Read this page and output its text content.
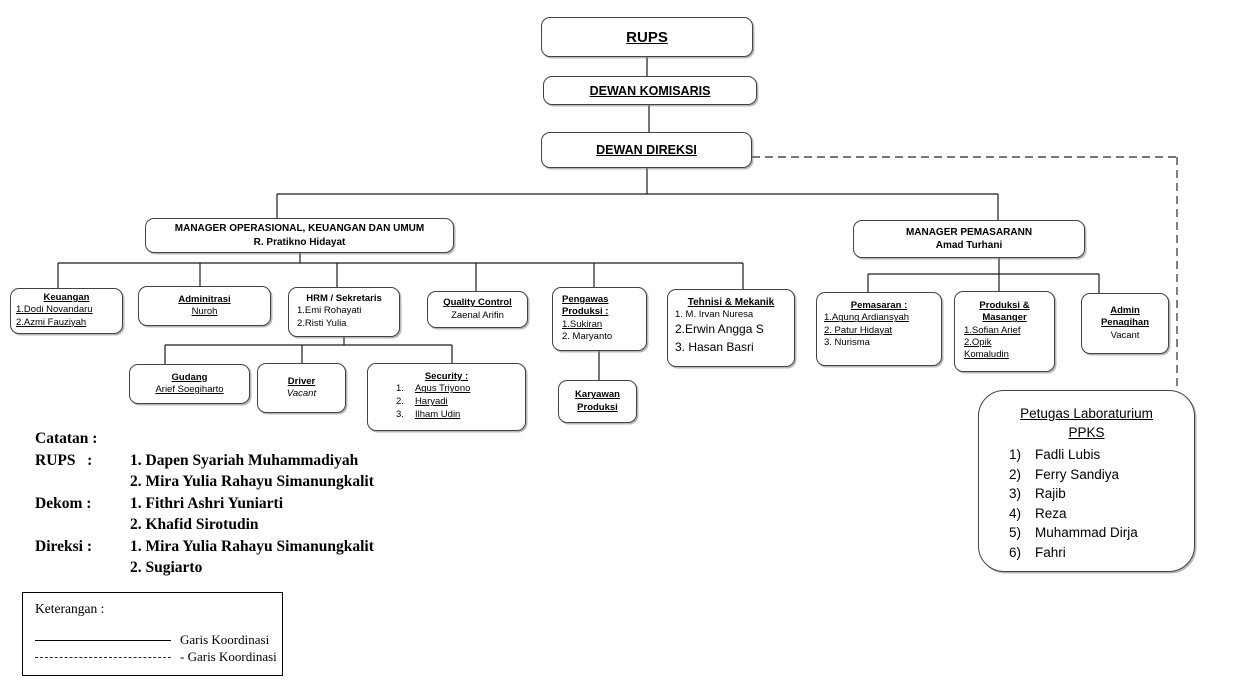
RUPS
DEWAN KOMISARIS
DEWAN DIREKSI
MANAGER OPERASIONAL, KEUANGAN DAN UMUM
R. Pratikno Hidayat
MANAGER PEMASARANN
Amad Turhani
Keuangan
1.Dodi Novandaru
2.Azmi Fauziyah
Adminitrasi
Nuroh
HRM / Sekretaris
1.Emi Rohayati
2.Risti Yulia
Quality Control
Zaenal Arifin
Pengawas
Produksi :
1.Sukiran
2. Maryanto
Tehnisi & Mekanik
1. M. Irvan Nuresa
2.Erwin Angga S
3. Hasan Basri
Pemasaran :
1.Agung Ardiansyah
2. Patur Hidayat
3. Nurisma
Produksi &
Masanger
1.Sofian Arief
2.Opik
Komaludin
Admin
Penagihan
Vacant
Gudang
Arief Soegiharto
Driver
Vacant
Security :
1. Agus Triyono
2. Haryadi
3. Ilham Udin
Karyawan
Produksi	Petugas Laboraturium
PPKS
1) Fadli Lubis
2) Ferry Sandiya
3) Rajib
4) Reza
5) Muhammad Dirja
6) Fahri
Catatan :
RUPS   :	1. Dapen Syariah Muhammadiyah
2. Mira Yulia Rahayu Simanungkalit
Dekom :	1. Fithri Ashri Yuniarti
2. Khafid Sirotudin
Direksi :	1. Mira Yulia Rahayu Simanungkalit
2. Sugiarto
Keterangan :
Garis Koordinasi
- Garis Koordinasi
